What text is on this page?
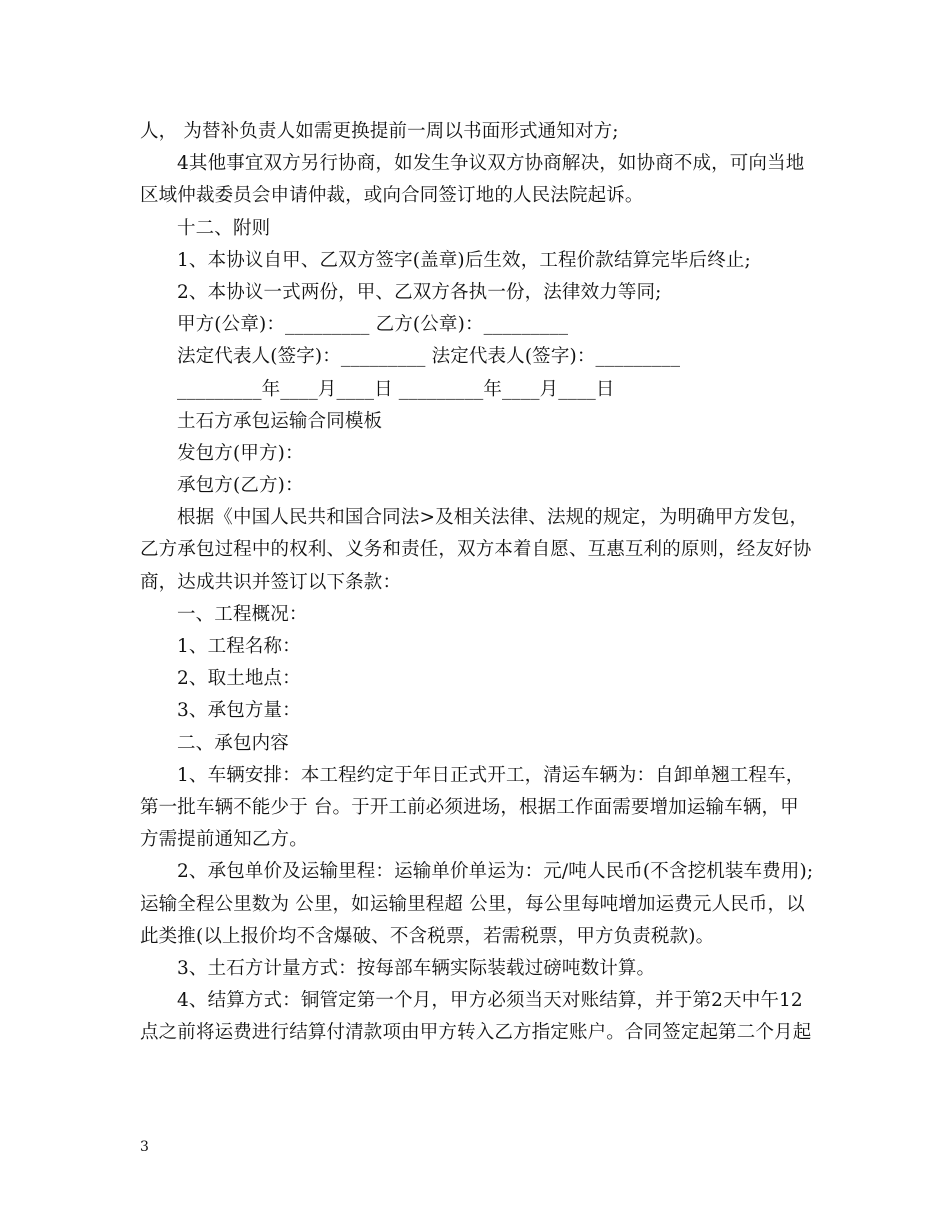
人， 为替补负责人如需更换提前一周以书面形式通知对方;
4其他事宜双方另行协商，如发生争议双方协商解决，如协商不成，可向当地
区域仲裁委员会申请仲裁，或向合同签订地的人民法院起诉。
十二、附则
1、本协议自甲、乙双方签字(盖章)后生效，工程价款结算完毕后终止;
2、本协议一式两份，甲、乙双方各执一份，法律效力等同;
甲方(公章)：_________ 乙方(公章)：_________
法定代表人(签字)：_________ 法定代表人(签字)：_________
_________年____月____日 _________年____月____日
土石方承包运输合同模板
发包方(甲方)：
承包方(乙方)：
根据《中国人民共和国合同法>及相关法律、法规的规定，为明确甲方发包，
乙方承包过程中的权利、义务和责任，双方本着自愿、互惠互利的原则，经友好协
商，达成共识并签订以下条款：
一、工程概况：
1、工程名称：
2、取土地点：
3、承包方量：
二、承包内容
1、车辆安排：本工程约定于年日正式开工，清运车辆为：自卸单翘工程车，
第一批车辆不能少于 台。于开工前必须进场，根据工作面需要增加运输车辆，甲
方需提前通知乙方。
2、承包单价及运输里程：运输单价单运为：元/吨人民币(不含挖机装车费用);
运输全程公里数为 公里，如运输里程超 公里，每公里每吨增加运费元人民币，以
此类推(以上报价均不含爆破、不含税票，若需税票，甲方负责税款)。
3、土石方计量方式：按每部车辆实际装载过磅吨数计算。
4、结算方式：铜管定第一个月，甲方必须当天对账结算，并于第2天中午12
点之前将运费进行结算付清款项由甲方转入乙方指定账户。合同签定起第二个月起
3
